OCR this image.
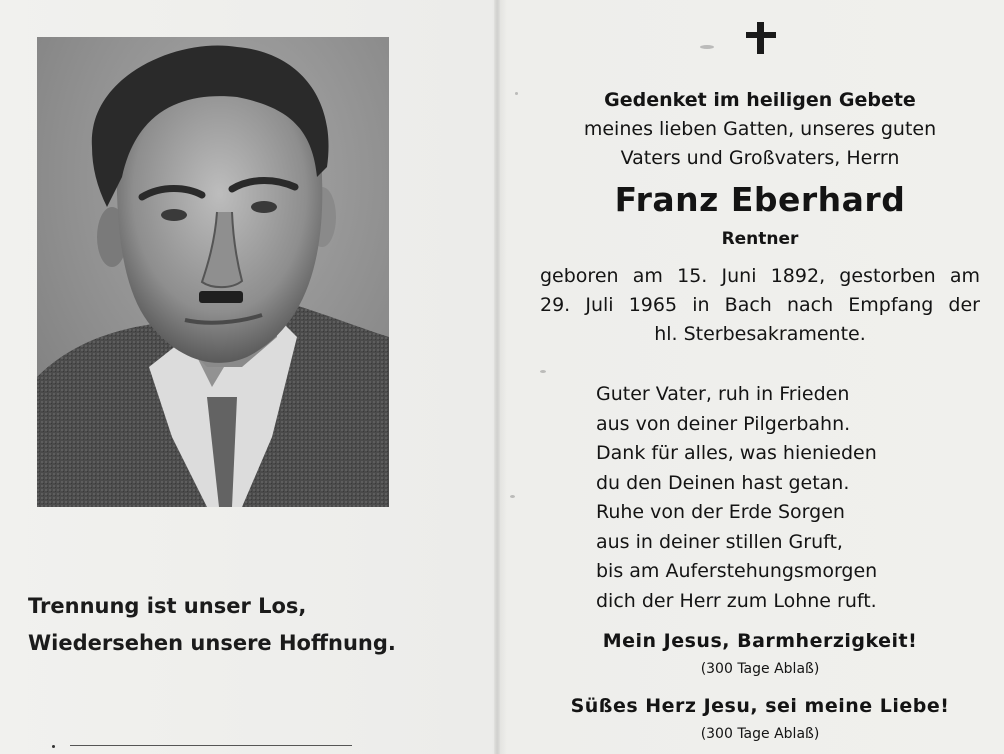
Trennung ist unser Los,
Wiedersehen unsere Hoffnung.
Gedenket im heiligen Gebete
meines lieben Gatten, unseres guten
Vaters und Großvaters, Herrn
Franz Eberhard
Rentner
geboren am 15. Juni 1892, gestorben am
29. Juli 1965 in Bach nach Empfang der
hl. Sterbesakramente.
Guter Vater, ruh in Frieden
aus von deiner Pilgerbahn.
Dank für alles, was hienieden
du den Deinen hast getan.
Ruhe von der Erde Sorgen
aus in deiner stillen Gruft,
bis am Auferstehungsmorgen
dich der Herr zum Lohne ruft.
Mein Jesus, Barmherzigkeit!
(300 Tage Ablaß)
Süßes Herz Jesu, sei meine Liebe!
(300 Tage Ablaß)
